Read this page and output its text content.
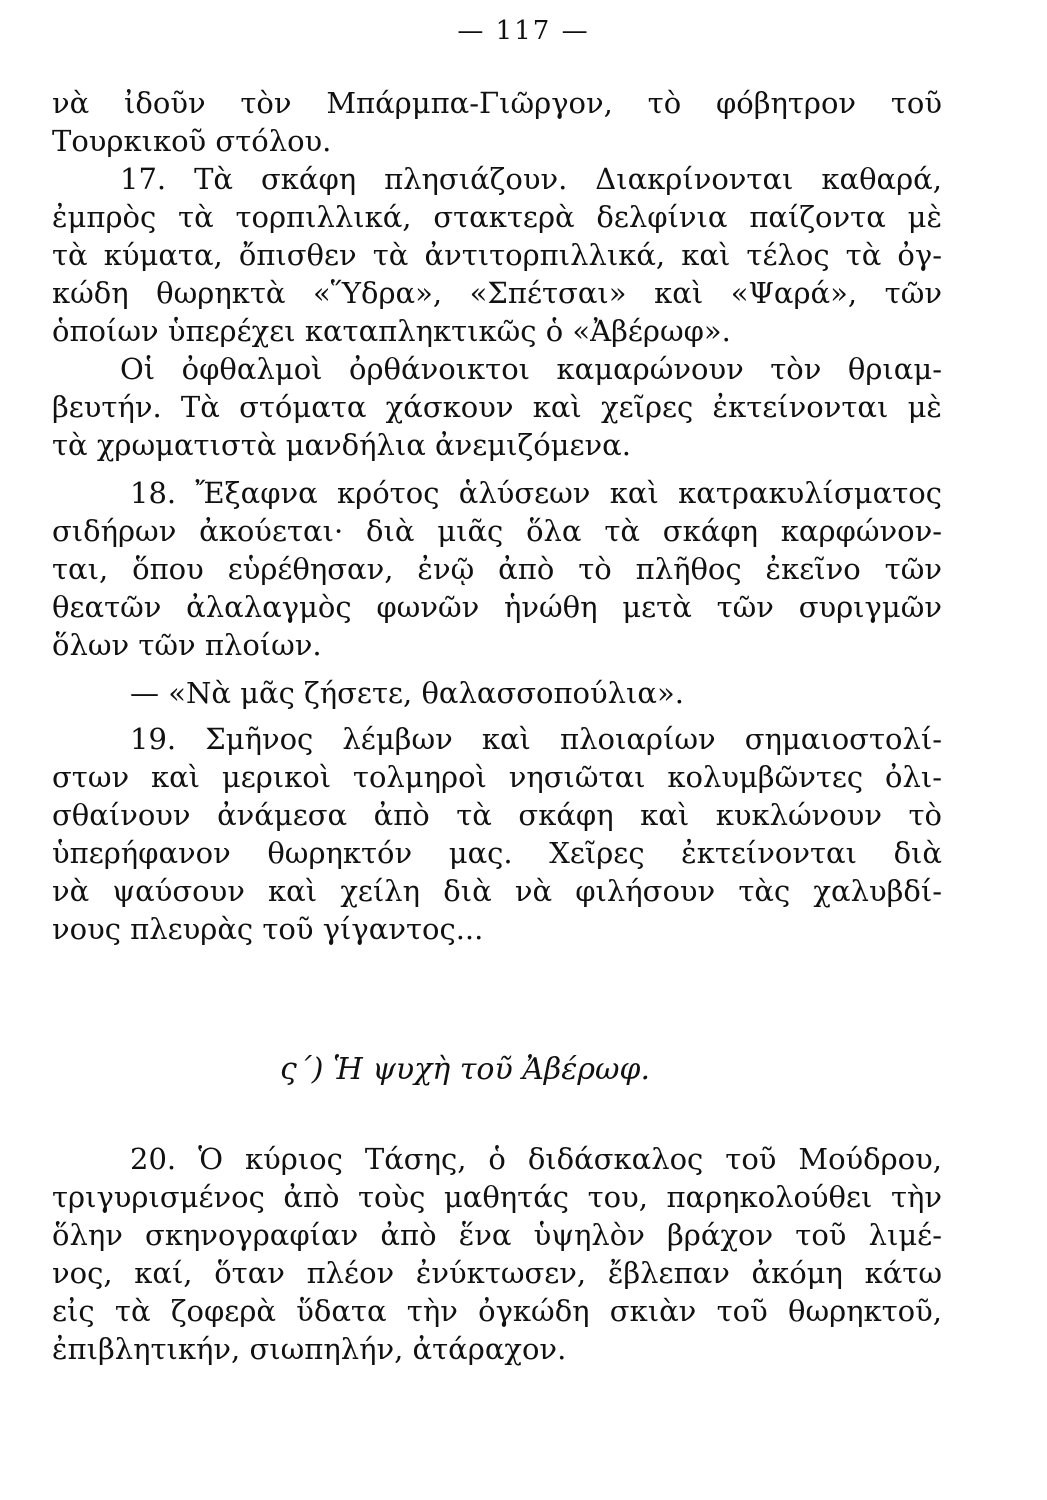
— 117 —
νὰ ἰδοῦν τὸν Μπάρμπα-Γιῶργον, τὸ φόβητρον τοῦ
Τουρκικοῦ στόλου.
17. Τὰ σκάφη πλησιάζουν. Διακρίνονται καθαρά,
ἐμπρὸς τὰ τορπιλλικά, στακτερὰ δελφίνια παίζοντα μὲ
τὰ κύματα, ὄπισθεν τὰ ἀντιτορπιλλικά, καὶ τέλος τὰ ὀγ-
κώδη θωρηκτὰ «Ὕδρα», «Σπέτσαι» καὶ «Ψαρά», τῶν
ὁποίων ὑπερέχει καταπληκτικῶς ὁ «Ἀβέρωφ».
Οἱ ὀφθαλμοὶ ὀρθάνοικτοι καμαρώνουν τὸν θριαμ-
βευτήν. Τὰ στόματα χάσκουν καὶ χεῖρες ἐκτείνονται μὲ
τὰ χρωματιστὰ μανδήλια ἀνεμιζόμενα.
18. Ἔξαφνα κρότος ἁλύσεων καὶ κατρακυλίσματος
σιδήρων ἀκούεται· διὰ μιᾶς ὅλα τὰ σκάφη καρφώνον-
ται, ὅπου εὑρέθησαν, ἐνῷ ἀπὸ τὸ πλῆθος ἐκεῖνο τῶν
θεατῶν ἀλαλαγμὸς φωνῶν ἡνώθη μετὰ τῶν συριγμῶν
ὅλων τῶν πλοίων.
— «Νὰ μᾶς ζήσετε, θαλασσοπούλια».
19. Σμῆνος λέμβων καὶ πλοιαρίων σημαιοστολί-
στων καὶ μερικοὶ τολμηροὶ νησιῶται κολυμβῶντες ὀλι-
σθαίνουν ἀνάμεσα ἀπὸ τὰ σκάφη καὶ κυκλώνουν τὸ
ὑπερήφανον θωρηκτόν μας. Χεῖρες ἐκτείνονται διὰ
νὰ ψαύσουν καὶ χείλη διὰ νὰ φιλήσουν τὰς χαλυβδί-
νους πλευρὰς τοῦ γίγαντος...
ς´) Ἡ ψυχὴ τοῦ Ἀβέρωφ.
20. Ὁ κύριος Τάσης, ὁ διδάσκαλος τοῦ Μούδρου,
τριγυρισμένος ἀπὸ τοὺς μαθητάς του, παρηκολούθει τὴν
ὅλην σκηνογραφίαν ἀπὸ ἕνα ὑψηλὸν βράχον τοῦ λιμέ-
νος, καί, ὅταν πλέον ἐνύκτωσεν, ἔβλεπαν ἀκόμη κάτω
εἰς τὰ ζοφερὰ ὕδατα τὴν ὀγκώδη σκιὰν τοῦ θωρηκτοῦ,
ἐπιβλητικήν, σιωπηλήν, ἀτάραχον.
